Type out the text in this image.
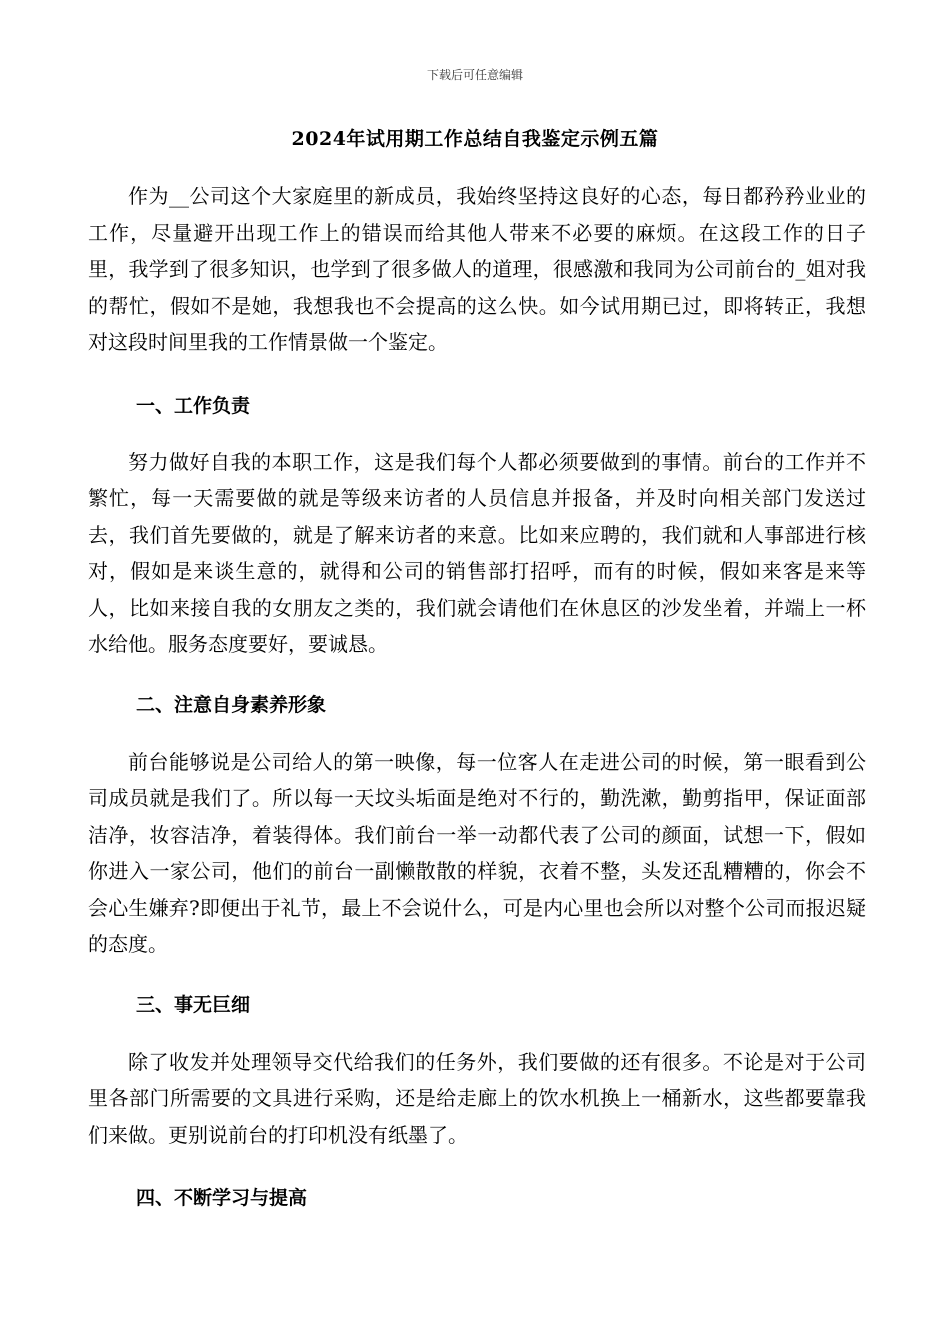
下载后可任意编辑
2024年试用期工作总结自我鉴定示例五篇

作为__公司这个大家庭里的新成员，我始终坚持这良好的心态，每日都矜矜业业的工作，尽量避开出现工作上的错误而给其他人带来不必要的麻烦。在这段工作的日子里，我学到了很多知识，也学到了很多做人的道理，很感激和我同为公司前台的_姐对我的帮忙，假如不是她，我想我也不会提高的这么快。如今试用期已过，即将转正，我想对这段时间里我的工作情景做一个鉴定。

一、工作负责

努力做好自我的本职工作，这是我们每个人都必须要做到的事情。前台的工作并不繁忙，每一天需要做的就是等级来访者的人员信息并报备，并及时向相关部门发送过去，我们首先要做的，就是了解来访者的来意。比如来应聘的，我们就和人事部进行核对，假如是来谈生意的，就得和公司的销售部打招呼，而有的时候，假如来客是来等人，比如来接自我的女朋友之类的，我们就会请他们在休息区的沙发坐着，并端上一杯水给他。服务态度要好，要诚恳。

二、注意自身素养形象

前台能够说是公司给人的第一映像，每一位客人在走进公司的时候，第一眼看到公司成员就是我们了。所以每一天坟头垢面是绝对不行的，勤洗漱，勤剪指甲，保证面部洁净，妆容洁净，着装得体。我们前台一举一动都代表了公司的颜面，试想一下，假如你进入一家公司，他们的前台一副懒散散的样貌，衣着不整，头发还乱糟糟的，你会不会心生嫌弃?即便出于礼节，最上不会说什么，可是内心里也会所以对整个公司而报迟疑的态度。

三、事无巨细

除了收发并处理领导交代给我们的任务外，我们要做的还有很多。不论是对于公司里各部门所需要的文具进行采购，还是给走廊上的饮水机换上一桶新水，这些都要靠我们来做。更别说前台的打印机没有纸墨了。

四、不断学习与提高
